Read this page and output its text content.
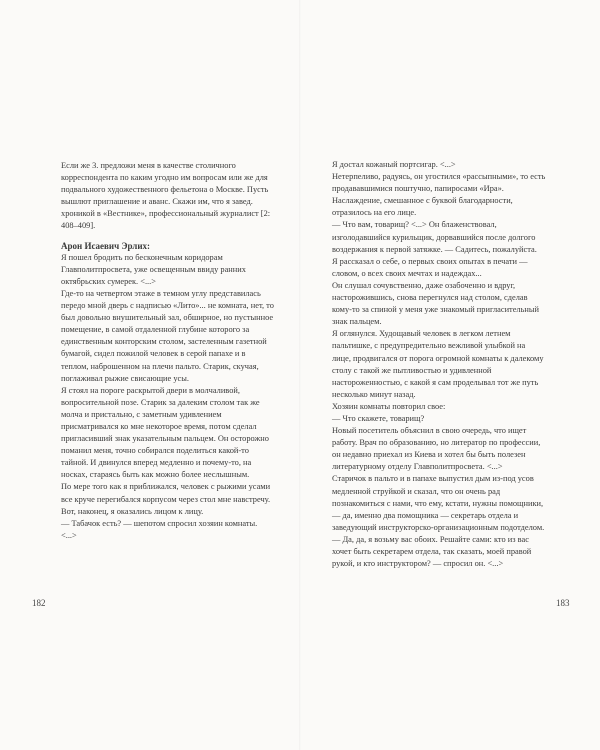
Если же 3. предложи меня в качестве столичного корреспондента по каким угодно им вопросам или же для подвального художественного фельетона о Москве. Пусть вышлют приглашение и аванс. Скажи им, что я завед. хроникой в «Вестнике», профессиональный журналист [2: 408–409].

Арон Исаевич Эрлих:

Я пошел бродить по бесконечным коридорам Главполитпросвета, уже освещенным ввиду ранних октябрьских сумерек. <...>

Где-то на четвертом этаже в темном углу представилась передо мной дверь с надписью «Лито»... не комната, нет, то был довольно внушительный зал, обширное, но пустынное помещение, в самой отдаленной глубине которого за единственным конторским столом, застеленным газетной бумагой, сидел пожилой человек в серой папахе и в теплом, наброшенном на плечи пальто. Старик, скучая, поглаживал рыжие свисающие усы.

Я стоял на пороге раскрытой двери в молчаливой, вопросительной позе. Старик за далеким столом так же молча и пристально, с заметным удивлением присматривался ко мне некоторое время, потом сделал пригласивший знак указательным пальцем. Он осторожно поманил меня, точно собирался поделиться какой-то тайной. И двинулся вперед медленно и почему-то, на носках, стараясь быть как можно более неслышным.

По мере того как я приближался, человек с рыжими усами все круче перегибался корпусом через стол мне навстречу.

Вот, наконец, я оказались лицом к лицу.

— Табачок есть? — шепотом спросил хозяин комнаты. <...>

182

Я достал кожаный портсигар. <...>

Нетерпеливо, радуясь, он угостился «рассыпными», то есть продававшимися поштучно, папиросами «Ира». Наслаждение, смешанное с буквой благодарности, отразилось на его лице.

— Что вам, товарищ? <...> Он блаженствовал, изголодавшийся курильщик, дорвавшийся после долгого воздержания к первой затяжке. — Садитесь, пожалуйста.

Я рассказал о себе, о первых своих опытах в печати — словом, о всех своих мечтах и надеждах...

Он слушал сочувственно, даже озабоченно и вдруг, насторожившись, снова перегнулся над столом, сделав кому-то за спиной у меня уже знакомый пригласительный знак пальцем.

Я оглянулся. Худощавый человек в легком летнем пальтишке, с предупредительно вежливой улыбкой на лице, продвигался от порога огромной комнаты к далекому столу с такой же пытливостью и удивленной настороженностью, с какой я сам проделывал тот же путь несколько минут назад.

Хозяин комнаты повторил свое:

— Что скажете, товарищ?

Новый посетитель объяснил в свою очередь, что ищет работу. Врач по образованию, но литератор по профессии, он недавно приехал из Киева и хотел бы быть полезен литературному отделу Главполитпросвета. <...>

Старичок в пальто и в папахе выпустил дым из-под усов медленной струйкой и сказал, что он очень рад познакомиться с нами, что ему, кстати, нужны помощники, — да, именно два помощника — секретарь отдела и заведующий инструкторско-организационным подотделом.

— Да, да, я возьму вас обоих. Решайте сами: кто из вас хочет быть секретарем отдела, так сказать, моей правой рукой, и кто инструктором? — спросил он. <...>

183
